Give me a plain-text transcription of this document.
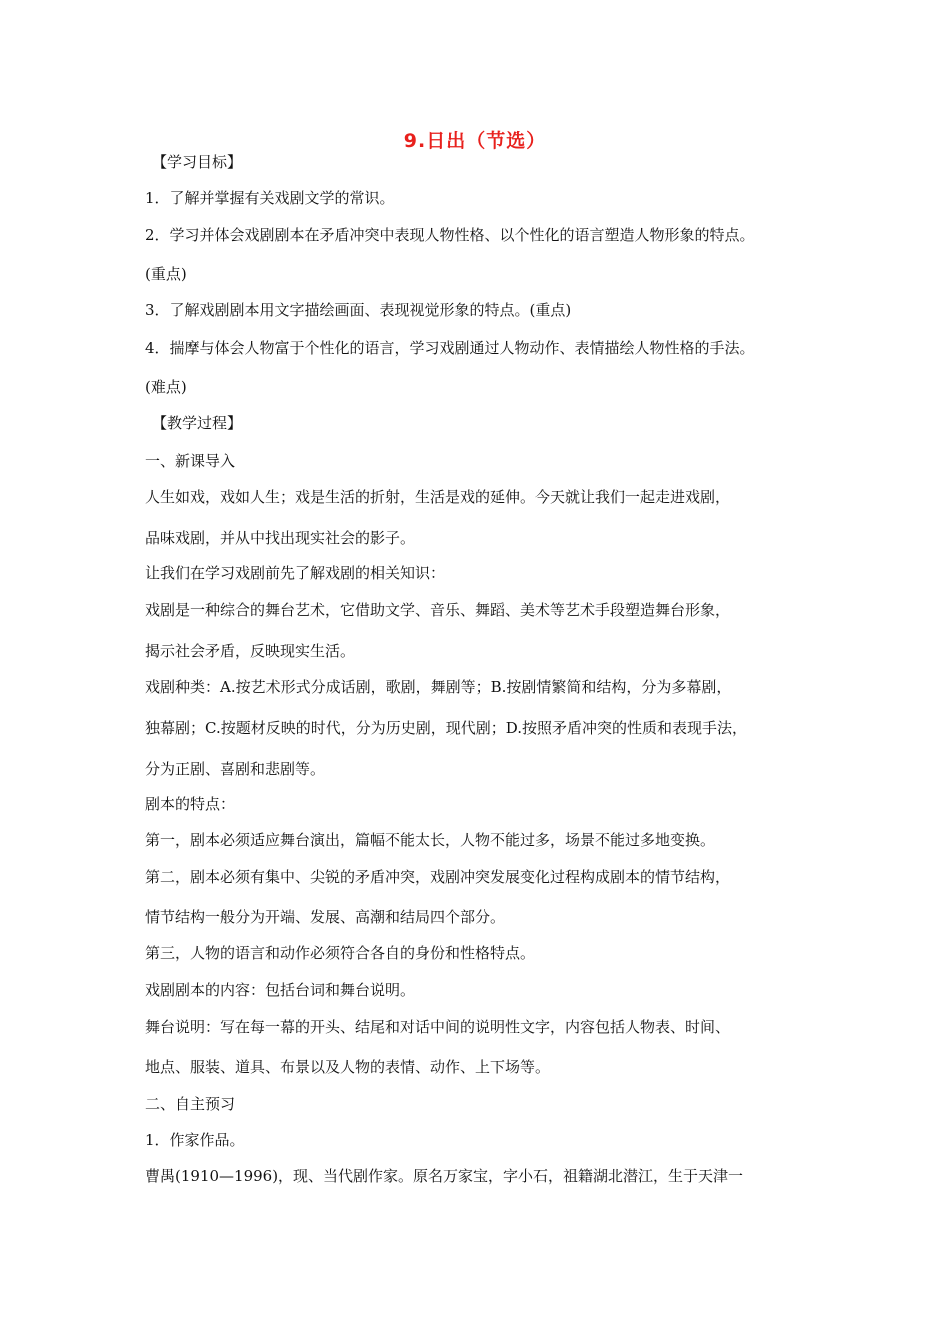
9.日出（节选）
【学习目标】
1．了解并掌握有关戏剧文学的常识。
2．学习并体会戏剧剧本在矛盾冲突中表现人物性格、以个性化的语言塑造人物形象的特点。
(重点)
3．了解戏剧剧本用文字描绘画面、表现视觉形象的特点。(重点)
4．揣摩与体会人物富于个性化的语言，学习戏剧通过人物动作、表情描绘人物性格的手法。
(难点)
【教学过程】
一、新课导入
人生如戏，戏如人生；戏是生活的折射，生活是戏的延伸。今天就让我们一起走进戏剧，
品味戏剧，并从中找出现实社会的影子。
让我们在学习戏剧前先了解戏剧的相关知识：
戏剧是一种综合的舞台艺术，它借助文学、音乐、舞蹈、美术等艺术手段塑造舞台形象，
揭示社会矛盾，反映现实生活。
戏剧种类：A.按艺术形式分成话剧，歌剧，舞剧等；B.按剧情繁简和结构，分为多幕剧，
独幕剧；C.按题材反映的时代，分为历史剧，现代剧；D.按照矛盾冲突的性质和表现手法，
分为正剧、喜剧和悲剧等。
剧本的特点：
第一，剧本必须适应舞台演出，篇幅不能太长，人物不能过多，场景不能过多地变换。
第二，剧本必须有集中、尖锐的矛盾冲突，戏剧冲突发展变化过程构成剧本的情节结构，
情节结构一般分为开端、发展、高潮和结局四个部分。
第三，人物的语言和动作必须符合各自的身份和性格特点。
戏剧剧本的内容：包括台词和舞台说明。
舞台说明：写在每一幕的开头、结尾和对话中间的说明性文字，内容包括人物表、时间、
地点、服装、道具、布景以及人物的表情、动作、上下场等。
二、自主预习
1．作家作品。
曹禺(1910—1996)，现、当代剧作家。原名万家宝，字小石，祖籍湖北潜江，生于天津一
